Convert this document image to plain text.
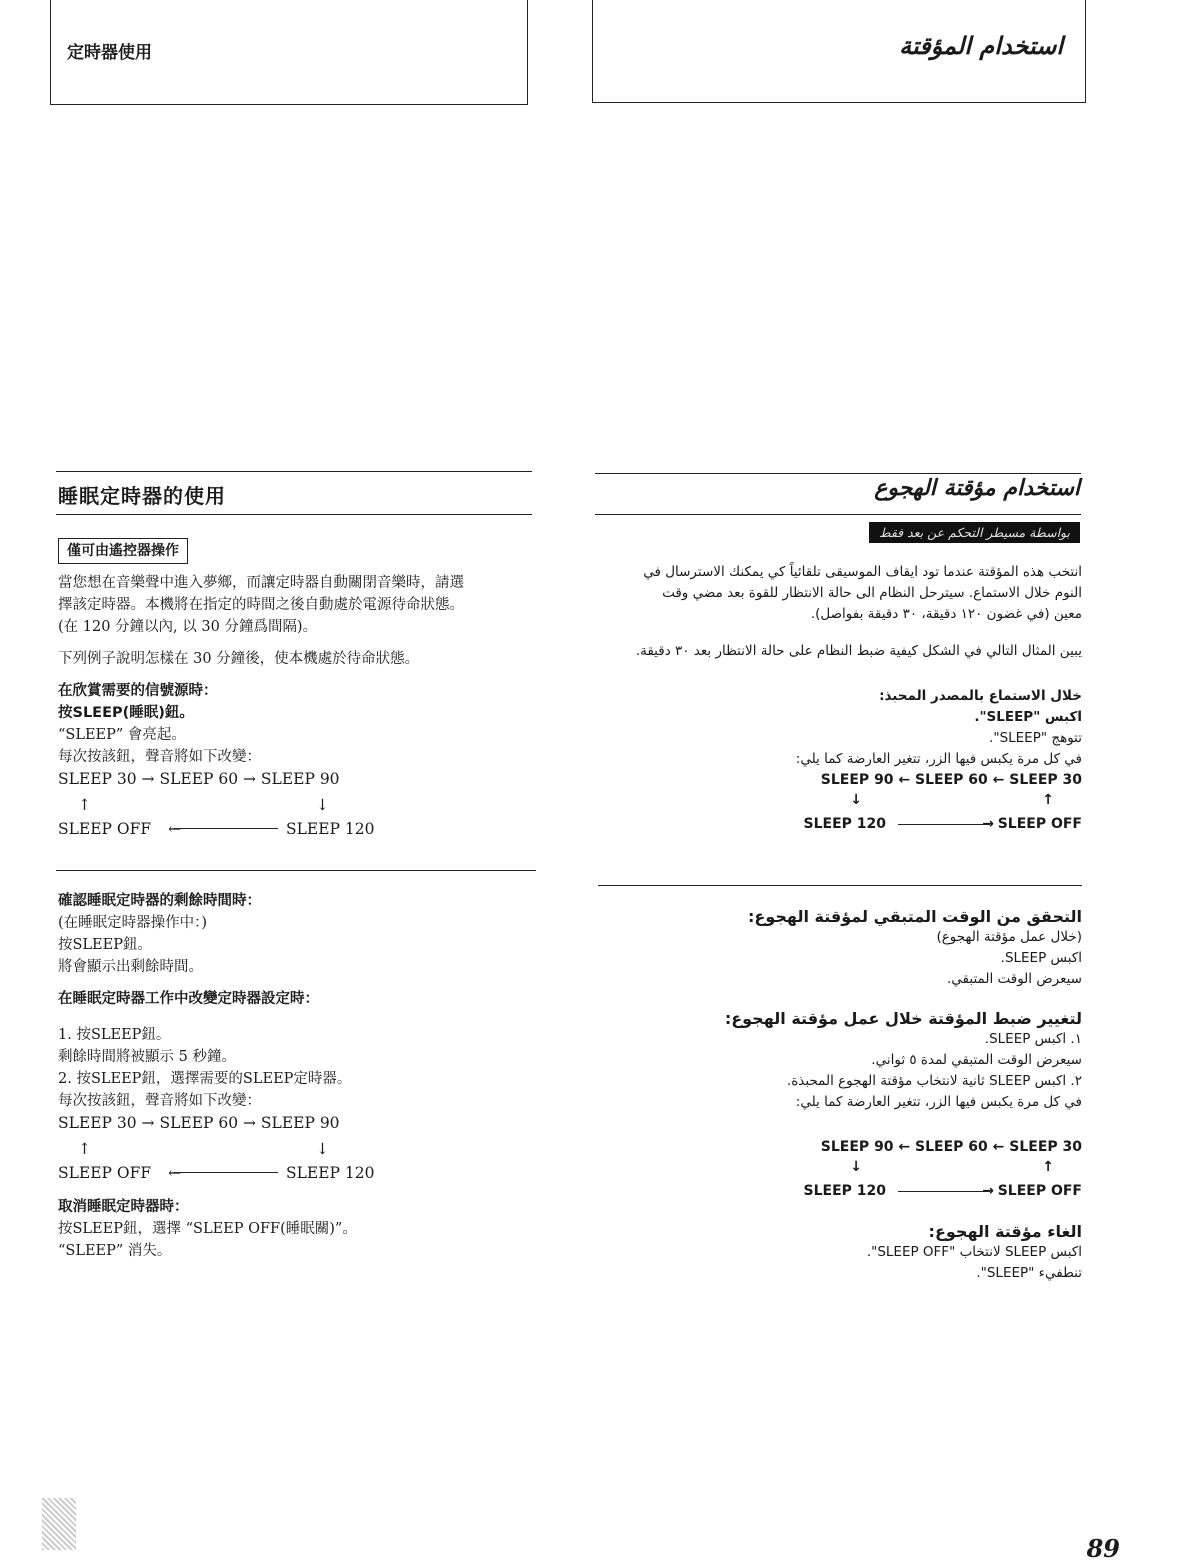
定時器使用	استخدام المؤقتة
睡眠定時器的使用	استخدام مؤقتة الهجوع
بواسطة مسيطر التحكم عن بعد فقط
僅可由遙控器操作

當您想在音樂聲中進入夢鄉，而讓定時器自動關閉音樂時，請選

擇該定時器。本機將在指定的時間之後自動處於電源待命狀態。

(在 120 分鐘以內, 以 30 分鐘爲間隔)。

下列例子說明怎樣在 30 分鐘後，使本機處於待命狀態。

在欣賞需要的信號源時：

按SLEEP(睡眠)鈕。

“SLEEP” 會亮起。

每次按該鈕，聲音將如下改變：

SLEEP 30 → SLEEP 60 → SLEEP 90
↑	↓
SLEEP OFF ←	SLEEP 120

確認睡眠定時器的剩餘時間時：

(在睡眠定時器操作中：)

按SLEEP鈕。

將會顯示出剩餘時間。

在睡眠定時器工作中改變定時器設定時：

1. 按SLEEP鈕。

剩餘時間將被顯示 5 秒鐘。

2. 按SLEEP鈕，選擇需要的SLEEP定時器。

每次按該鈕，聲音將如下改變：

SLEEP 30 → SLEEP 60 → SLEEP 90
↑	↓
SLEEP OFF ←	SLEEP 120

取消睡眠定時器時：

按SLEEP鈕，選擇 “SLEEP OFF(睡眠關)”。

“SLEEP” 消失。

انتخب هذه المؤقتة عندما تود ايقاف الموسيقى تلقائياً كي يمكنك الاسترسال في

النوم خلال الاستماع. سيترحل النظام الى حالة الانتظار للقوة بعد مضي وقت

معين (في غضون ١٢٠ دقيقة، ٣٠ دقيقة بفواصل).

يبين المثال التالي في الشكل كيفية ضبط النظام على حالة الانتظار بعد ٣٠ دقيقة.

خلال الاستماع بالمصدر المحبذ:

اكبس "SLEEP".

تتوهج "SLEEP".

في كل مرة يكبس فيها الزر، تتغير العارضة كما يلي:

SLEEP 90 ← SLEEP 60 ← SLEEP 30
↑
↓
SLEEP 120	→ SLEEP OFF

التحقق من الوقت المتبقي لمؤقتة الهجوع:

(خلال عمل مؤقتة الهجوع)

اكبس SLEEP.

سيعرض الوقت المتبقي.

لتغيير ضبط المؤقتة خلال عمل مؤقتة الهجوع:

١. اكبس SLEEP.

سيعرض الوقت المتبقي لمدة ٥ ثواني.

٢. اكبس SLEEP ثانية لانتخاب مؤقتة الهجوع المحبذة.

في كل مرة يكبس فيها الزر، تتغير العارضة كما يلي:

SLEEP 90 ← SLEEP 60 ← SLEEP 30
↑
↓
SLEEP 120	→ SLEEP OFF

الغاء مؤقتة الهجوع:

اكبس SLEEP لانتخاب "SLEEP OFF".

تنطفيء "SLEEP".

89
